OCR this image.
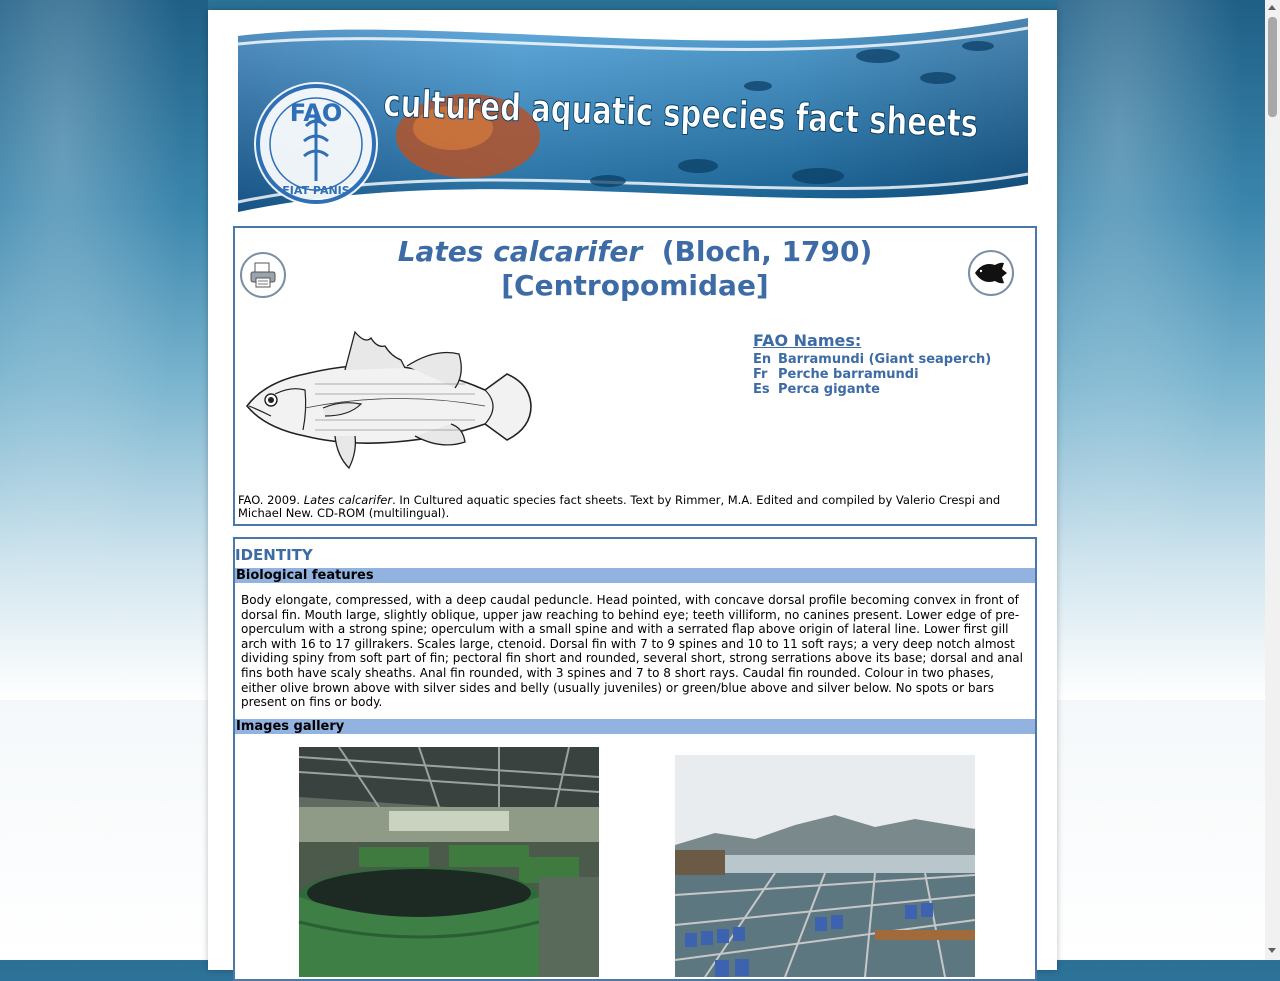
FAO
FIAT PANIS
cultured aquatic species fact sheets
Lates calcarifer (Bloch, 1790)
[Centropomidae]
FAO Names:
En Barramundi (Giant seaperch)
Fr Perche barramundi
Es Perca gigante
FAO. 2009. Lates calcarifer. In Cultured aquatic species fact sheets. Text by Rimmer, M.A. Edited and compiled by Valerio Crespi and Michael New. CD-ROM (multilingual).
IDENTITY
Biological features
Body elongate, compressed, with a deep caudal peduncle. Head pointed, with concave dorsal profile becoming convex in front of dorsal fin. Mouth large, slightly oblique, upper jaw reaching to behind eye; teeth villiform, no canines present. Lower edge of pre-operculum with a strong spine; operculum with a small spine and with a serrated flap above origin of lateral line. Lower first gill arch with 16 to 17 gillrakers. Scales large, ctenoid. Dorsal fin with 7 to 9 spines and 10 to 11 soft rays; a very deep notch almost dividing spiny from soft part of fin; pectoral fin short and rounded, several short, strong serrations above its base; dorsal and anal fins both have scaly sheaths. Anal fin rounded, with 3 spines and 7 to 8 short rays. Caudal fin rounded. Colour in two phases, either olive brown above with silver sides and belly (usually juveniles) or green/blue above and silver below. No spots or bars present on fins or body.
Images gallery
